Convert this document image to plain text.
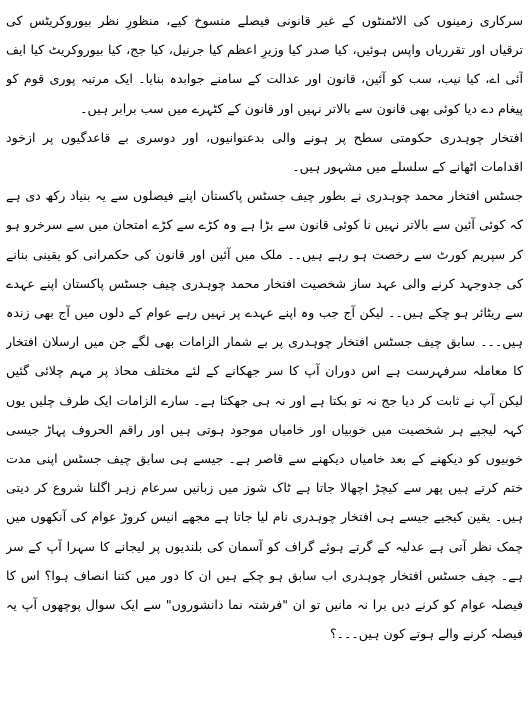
سرکاری زمینوں کی الاٹمنٹوں کے غیر قانونی فیصلے منسوخ کیے، منظورِ نظر بیوروکریٹس کی ترقیاں اور تقرریاں واپس ہوئیں، کیا صدر کیا وزیرِ اعظم کیا جرنیل، کیا جج، کیا بیوروکریٹ کیا ایف آئی اے، کیا نیب، سب کو آئین، قانون اور عدالت کے سامنے جوابدہ بنایا۔ ایک مرتبہ پوری قوم کو پیغام دے دیا کوئی بھی قانون سے بالاتر نہیں اور قانون کے کٹہرے میں سب برابر ہیں۔

افتخار چوہدری حکومتی سطح پر ہونے والی بدعنوانیوں، اور دوسری بے قاعدگیوں پر ازخود اقدامات اٹھانے کے سلسلے میں مشہور ہیں۔

جسٹس افتخار محمد چوہدری نے بطور چیف جسٹس پاکستان اپنے فیصلوں سے یہ بنیاد رکھ دی ہے کہ کوئی آئین سے بالاتر نہیں نا کوئی قانون سے بڑا ہے وہ کڑے سے کڑے امتحان میں سے سرخرو ہو کر سپریم کورٹ سے رخصت ہو رہے ہیں۔۔ ملک میں آئین اور قانون کی حکمرانی کو یقینی بنانے کی جدوجہد کرنے والی عہد ساز شخصیت افتخار محمد چوہدری چیف جسٹس پاکستان اپنے عہدے سے ریٹائر ہو چکے ہیں۔۔ لیکن آج جب وہ اپنے عہدے پر نہیں رہے عوام کے دلوں میں آج بھی زندہ ہیں۔۔۔ سابق چیف جسٹس افتخار چوہدری پر بے شمار الزامات بھی لگے جن میں ارسلان افتخار کا معاملہ سرفہرست ہے اس دوران آپ کا سر جھکانے کے لئے مختلف محاذ پر مہم چلائی گئیں لیکن آپ نے ثابت کر دیا جج نہ تو بکتا ہے اور نہ ہی جھکتا ہے۔ سارے الزامات ایک طرف چلیں یوں کہہ لیجیے ہر شخصیت میں خوبیاں اور خامیاں موجود ہوتی ہیں اور راقم الحروف پہاڑ جیسی خوبیوں کو دیکھنے کے بعد خامیاں دیکھنے سے قاصر ہے۔ جیسے ہی سابق چیف جسٹس اپنی مدت ختم کرتے ہیں پھر سے کیچڑ اچھالا جاتا ہے ٹاک شوز میں زبانیں سرعام زہر اگلنا شروع کر دیتی ہیں۔ یقین کیجیے جیسے ہی افتخار چوہدری نام لیا جاتا ہے مجھے انیس کروڑ عوام کی آنکھوں میں چمک نظر آتی ہے عدلیہ کے گرتے ہوئے گراف کو آسمان کی بلندیوں پر لیجانے کا سہرا آپ کے سر ہے۔ چیف جسٹس افتخار چوہدری اب سابق ہو چکے ہیں ان کا دور میں کتنا انصاف ہوا؟ اس کا فیصلہ عوام کو کرنے دیں برا نہ مانیں تو ان "فرشتہ نما دانشوروں" سے ایک سوال پوچھوں آپ یہ فیصلہ کرنے والے ہوتے کون ہیں۔۔۔؟
